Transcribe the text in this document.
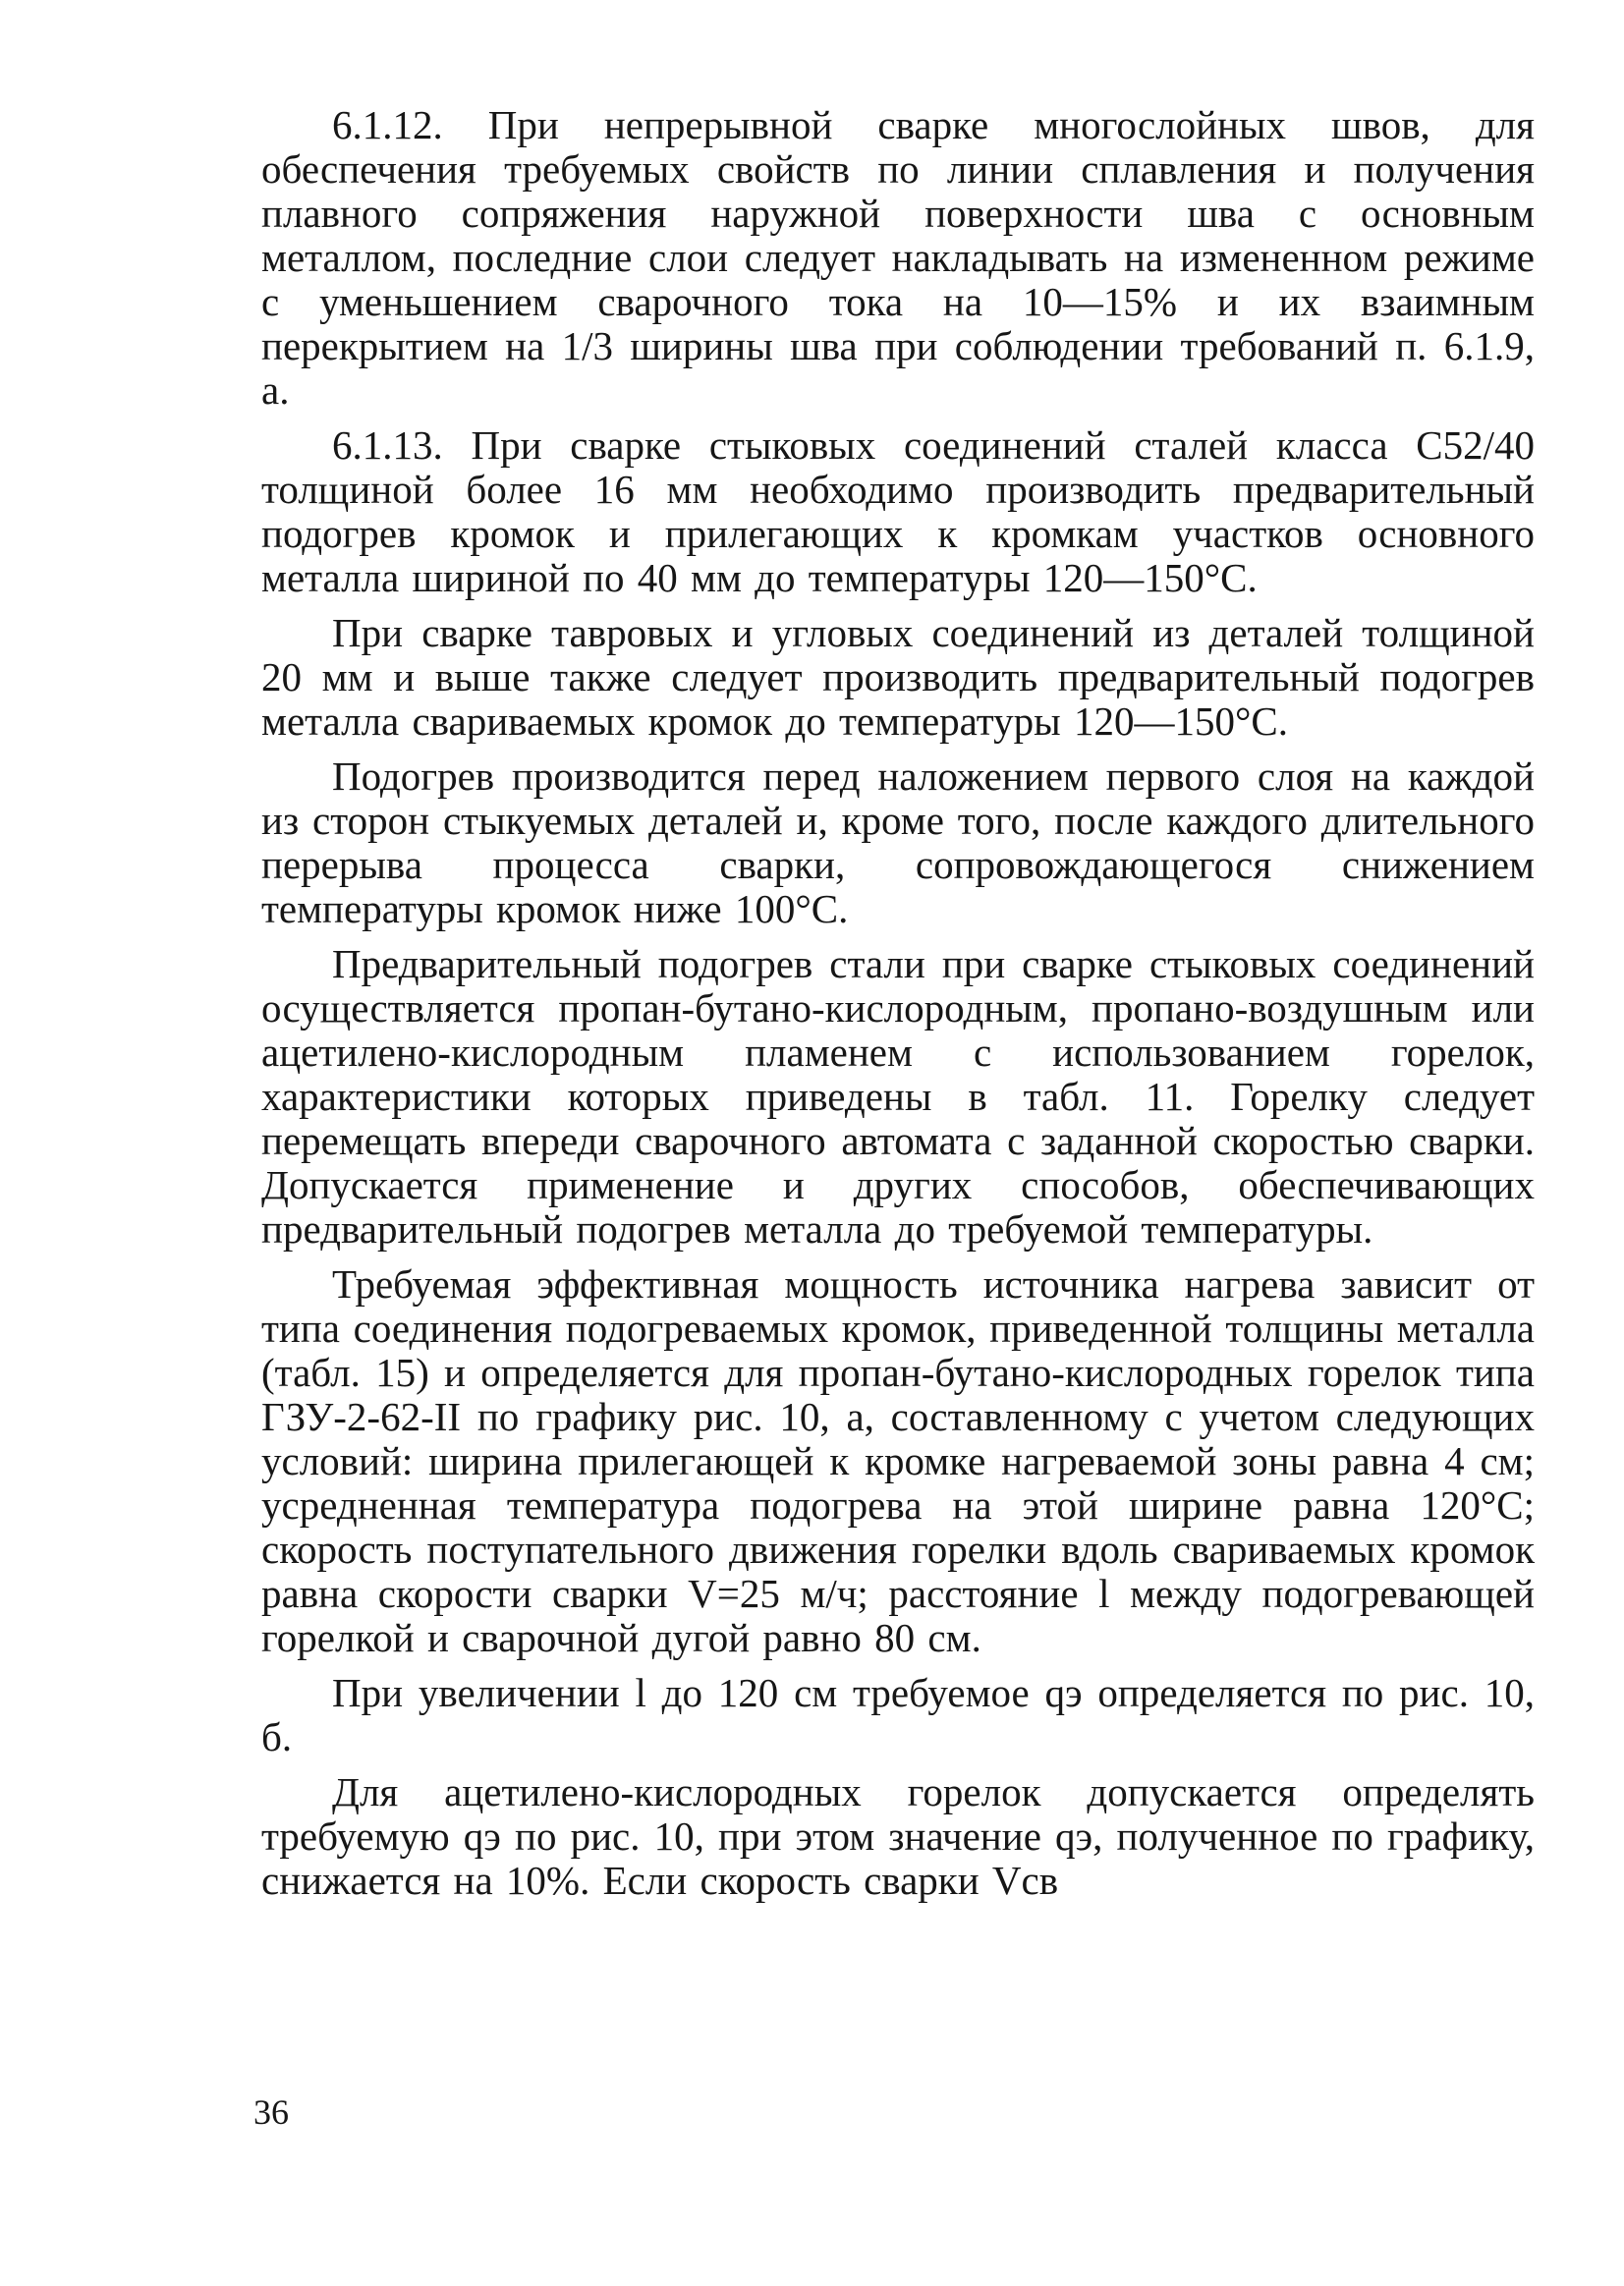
6.1.12. При непрерывной сварке многослойных швов, для обеспечения требуемых свойств по линии сплавления и получения плавного сопряжения наружной поверхности шва с основным металлом, последние слои следует накладывать на измененном режиме с уменьшением сварочного тока на 10—15% и их взаимным перекрытием на 1/3 ширины шва при соблюдении требований п. 6.1.9, а.

6.1.13. При сварке стыковых соединений сталей класса С52/40 толщиной более 16 мм необходимо производить предварительный подогрев кромок и прилегающих к кромкам участков основного металла шириной по 40 мм до температуры 120—150°С.

При сварке тавровых и угловых соединений из деталей толщиной 20 мм и выше также следует производить предварительный подогрев металла свариваемых кромок до температуры 120—150°С.

Подогрев производится перед наложением первого слоя на каждой из сторон стыкуемых деталей и, кроме того, после каждого длительного перерыва процесса сварки, сопровождающегося снижением температуры кромок ниже 100°С.

Предварительный подогрев стали при сварке стыковых соединений осуществляется пропан-бутано-кислородным, пропано-воздушным или ацетилено-кислородным пламенем с использованием горелок, характеристики которых приведены в табл. 11. Горелку следует перемещать впереди сварочного автомата с заданной скоростью сварки. Допускается применение и других способов, обеспечивающих предварительный подогрев металла до требуемой температуры.

Требуемая эффективная мощность источника нагрева зависит от типа соединения подогреваемых кромок, приведенной толщины металла (табл. 15) и определяется для пропан-бутано-кислородных горелок типа ГЗУ-2-62-II по графику рис. 10, а, составленному с учетом следующих условий: ширина прилегающей к кромке нагреваемой зоны равна 4 см; усредненная температура подогрева на этой ширине равна 120°С; скорость поступательного движения горелки вдоль свариваемых кромок равна скорости сварки V=25 м/ч; расстояние l между подогревающей горелкой и сварочной дугой равно 80 см.

При увеличении l до 120 см требуемое qэ определяется по рис. 10, б.

Для ацетилено-кислородных горелок допускается определять требуемую qэ по рис. 10, при этом значение qэ, полученное по графику, снижается на 10%. Если скорость сварки Vсв

36
